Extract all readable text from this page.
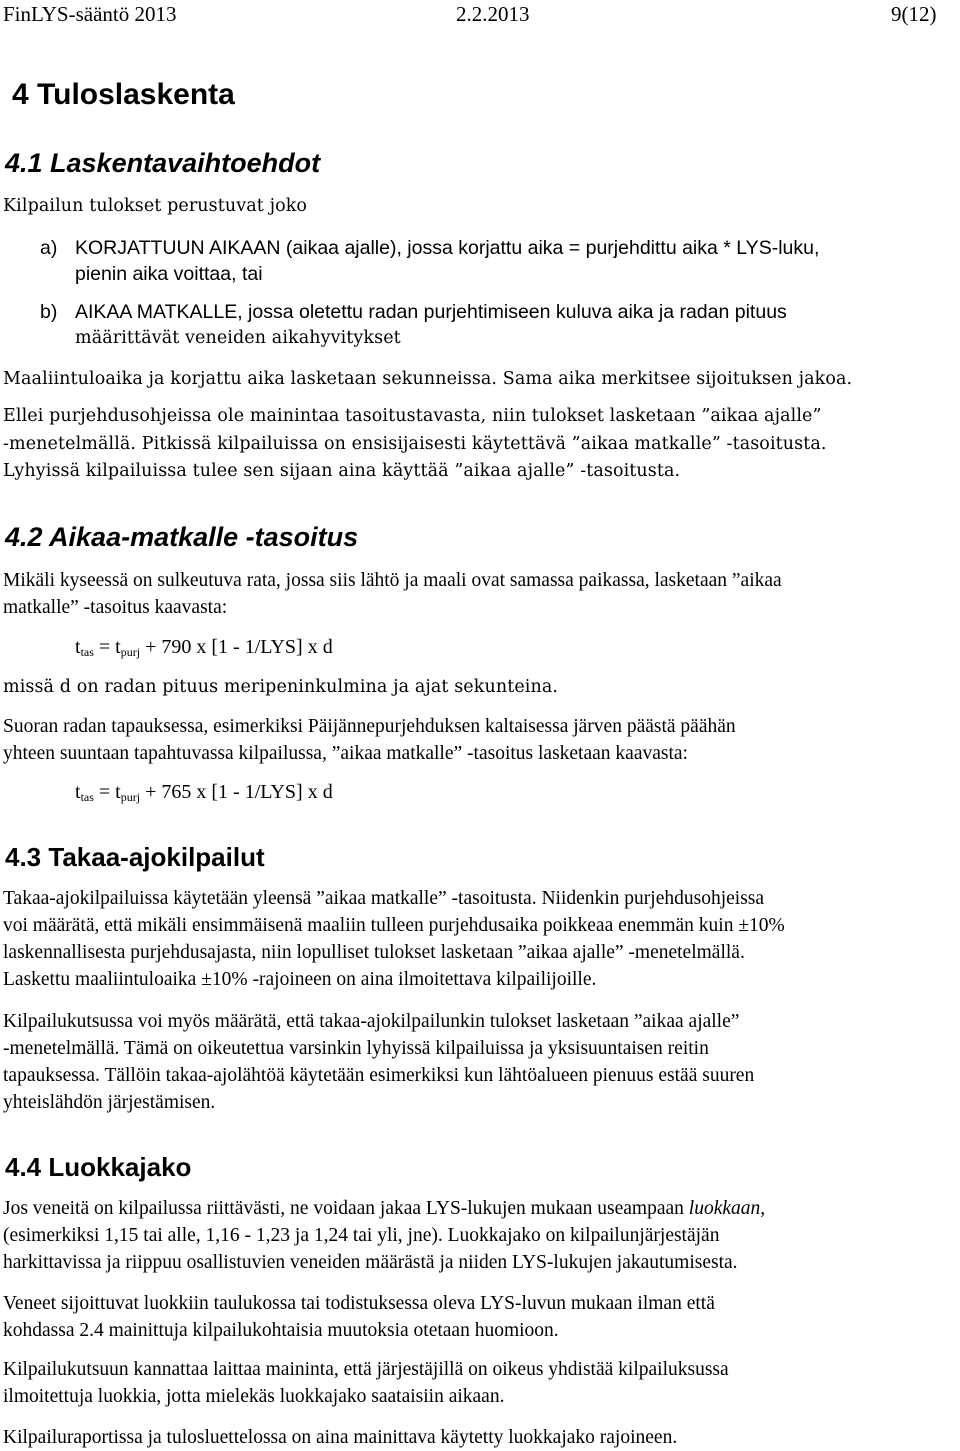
FinLYS-sääntö 2013	2.2.2013	9(12)
4 Tuloslaskenta
4.1 Laskentavaihtoehdot
Kilpailun tulokset perustuvat joko
a) KORJATTUUN AIKAAN (aikaa ajalle), jossa korjattu aika = purjehdittu aika * LYS-luku,
pienin aika voittaa, tai
b) AIKAA MATKALLE, jossa oletettu radan purjehtimiseen kuluva aika ja radan pituus
määrittävät veneiden aikahyvitykset
Maaliintuloaika ja korjattu aika lasketaan sekunneissa. Sama aika merkitsee sijoituksen jakoa.
Ellei purjehdusohjeissa ole mainintaa tasoitustavasta, niin tulokset lasketaan ”aikaa ajalle”
-menetelmällä. Pitkissä kilpailuissa on ensisijaisesti käytettävä ”aikaa matkalle” -tasoitusta.
Lyhyissä kilpailuissa tulee sen sijaan aina käyttää ”aikaa ajalle” -tasoitusta.
4.2 Aikaa-matkalle -tasoitus
Mikäli kyseessä on sulkeutuva rata, jossa siis lähtö ja maali ovat samassa paikassa, lasketaan ”aikaa
matkalle” -tasoitus kaavasta:
$t_{tas} = t_{purj} + 790$ x [1 - 1/LYS] x d
missä d on radan pituus meripeninkulmina ja ajat sekunteina.
Suoran radan tapauksessa, esimerkiksi Päijännepurjehduksen kaltaisessa järven päästä päähän
yhteen suuntaan tapahtuvassa kilpailussa, ”aikaa matkalle” -tasoitus lasketaan kaavasta:
$t_{tas} = t_{purj} + 765$ x [1 - 1/LYS] x d
4.3 Takaa-ajokilpailut
Takaa-ajokilpailuissa käytetään yleensä ”aikaa matkalle” -tasoitusta. Niidenkin purjehdusohjeissa
voi määrätä, että mikäli ensimmäisenä maaliin tulleen purjehdusaika poikkeaa enemmän kuin ±10%
laskennallisesta purjehdusajasta, niin lopulliset tulokset lasketaan ”aikaa ajalle” -menetelmällä.
Laskettu maaliintuloaika ±10% -rajoineen on aina ilmoitettava kilpailijoille.
Kilpailukutsussa voi myös määrätä, että takaa-ajokilpailunkin tulokset lasketaan ”aikaa ajalle”
-menetelmällä. Tämä on oikeutettua varsinkin lyhyissä kilpailuissa ja yksisuuntaisen reitin
tapauksessa. Tällöin takaa-ajolähtöä käytetään esimerkiksi kun lähtöalueen pienuus estää suuren
yhteislähdön järjestämisen.
4.4 Luokkajako
Jos veneitä on kilpailussa riittävästi, ne voidaan jakaa LYS-lukujen mukaan useampaan luokkaan,
(esimerkiksi 1,15 tai alle, 1,16 - 1,23 ja 1,24 tai yli, jne). Luokkajako on kilpailunjärjestäjän
harkittavissa ja riippuu osallistuvien veneiden määrästä ja niiden LYS-lukujen jakautumisesta.
Veneet sijoittuvat luokkiin taulukossa tai todistuksessa oleva LYS-luvun mukaan ilman että
kohdassa 2.4 mainittuja kilpailukohtaisia muutoksia otetaan huomioon.
Kilpailukutsuun kannattaa laittaa maininta, että järjestäjillä on oikeus yhdistää kilpailuksussa
ilmoitettuja luokkia, jotta mielekäs luokkajako saataisiin aikaan.
Kilpailuraportissa ja tulosluettelossa on aina mainittava käytetty luokkajako rajoineen.
